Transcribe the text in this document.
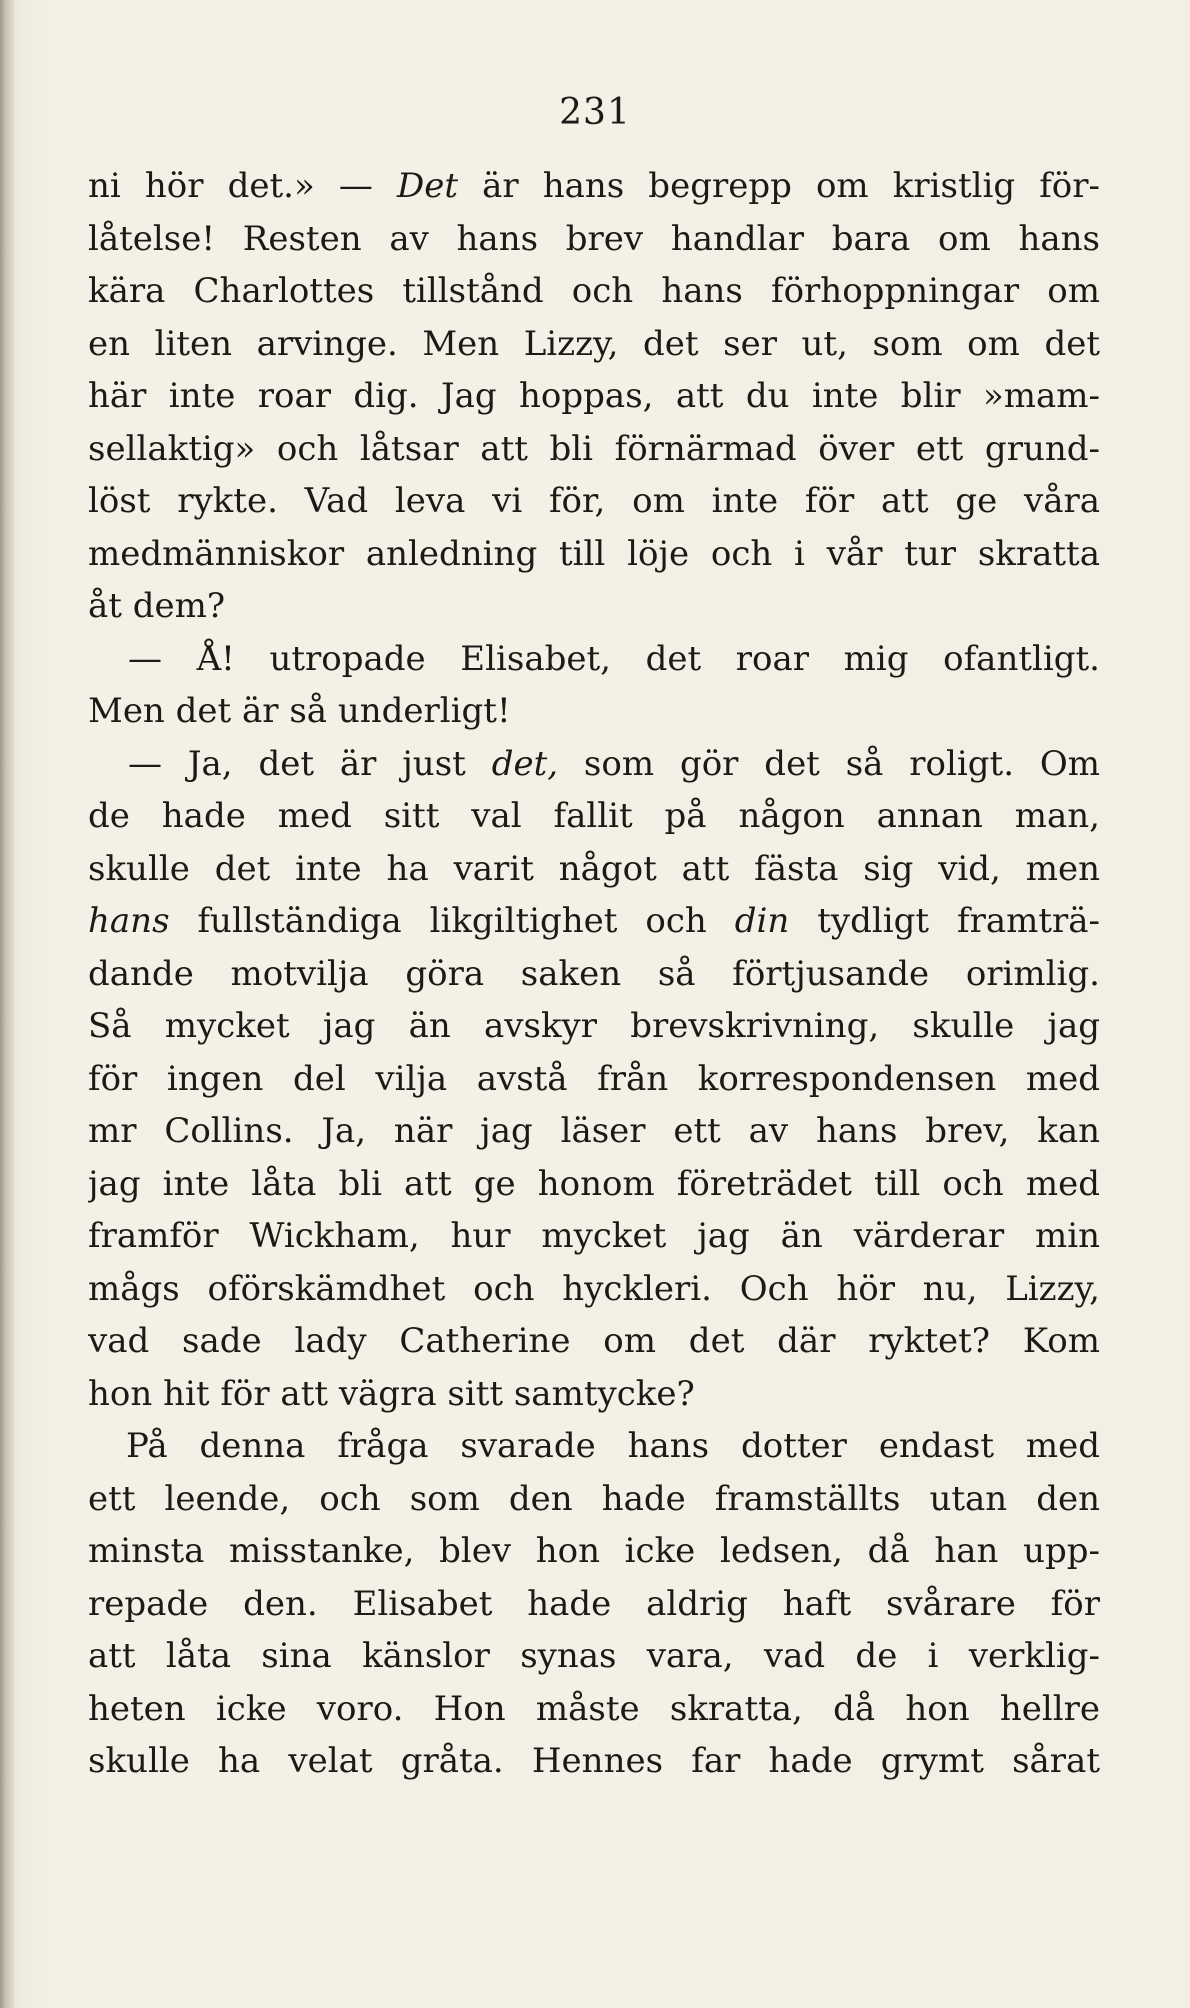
231
ni hör det.» — Det är hans begrepp om kristlig för-
låtelse! Resten av hans brev handlar bara om hans
kära Charlottes tillstånd och hans förhoppningar om
en liten arvinge. Men Lizzy, det ser ut, som om det
här inte roar dig. Jag hoppas, att du inte blir »mam-
sellaktig» och låtsar att bli förnärmad över ett grund-
löst rykte. Vad leva vi för, om inte för att ge våra
medmänniskor anledning till löje och i vår tur skratta
åt dem?
— Å! utropade Elisabet, det roar mig ofantligt.
Men det är så underligt!
— Ja, det är just det, som gör det så roligt. Om
de hade med sitt val fallit på någon annan man,
skulle det inte ha varit något att fästa sig vid, men
hans fullständiga likgiltighet och din tydligt framträ-
dande motvilja göra saken så förtjusande orimlig.
Så mycket jag än avskyr brevskrivning, skulle jag
för ingen del vilja avstå från korrespondensen med
mr Collins. Ja, när jag läser ett av hans brev, kan
jag inte låta bli att ge honom företrädet till och med
framför Wickham, hur mycket jag än värderar min
mågs oförskämdhet och hyckleri. Och hör nu, Lizzy,
vad sade lady Catherine om det där ryktet? Kom
hon hit för att vägra sitt samtycke?
På denna fråga svarade hans dotter endast med
ett leende, och som den hade framställts utan den
minsta misstanke, blev hon icke ledsen, då han upp-
repade den. Elisabet hade aldrig haft svårare för
att låta sina känslor synas vara, vad de i verklig-
heten icke voro. Hon måste skratta, då hon hellre
skulle ha velat gråta. Hennes far hade grymt sårat
